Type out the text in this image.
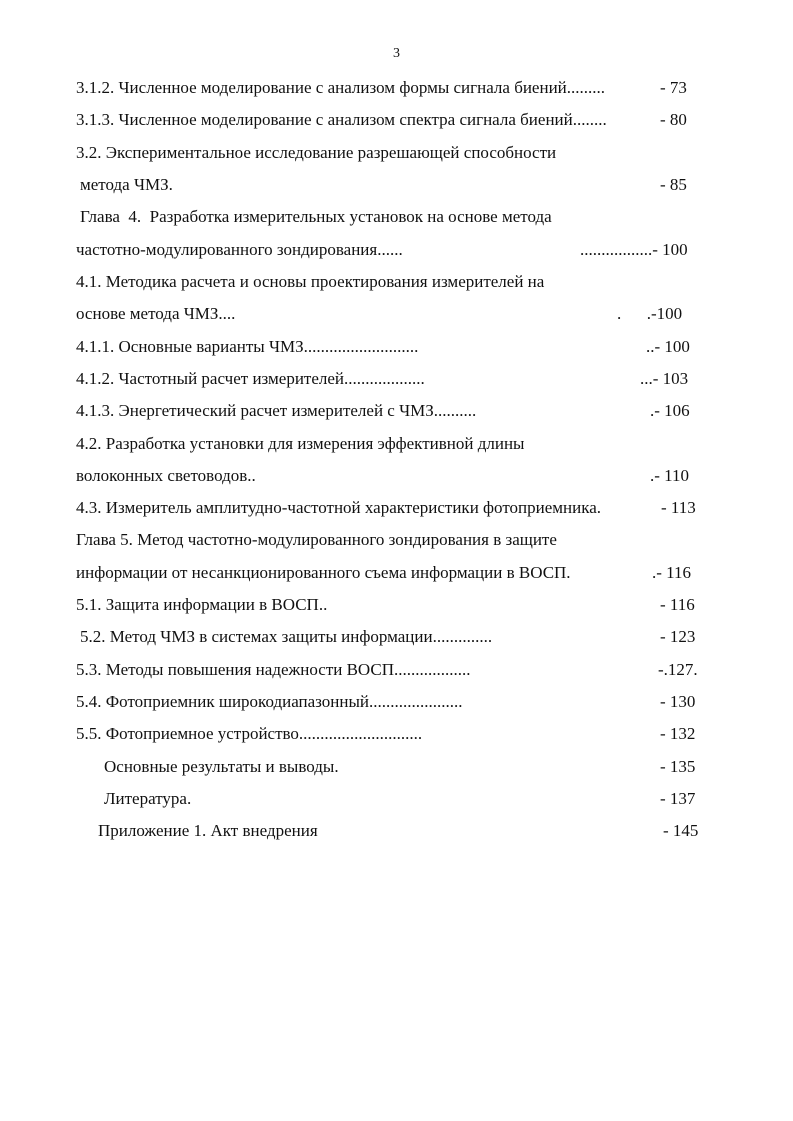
3
3.1.2. Численное моделирование с анализом формы сигнала биений.........	- 73
3.1.3. Численное моделирование с анализом спектра сигнала биений........	- 80
3.2. Экспериментальное исследование разрешающей способности
метода ЧМЗ.	- 85
Глава  4.  Разработка измерительных установок на основе метода
частотно-модулированного зондирования......	.................- 100
4.1. Методика расчета и основы проектирования измерителей на
основе метода ЧМЗ....	.      .-100
4.1.1. Основные варианты ЧМЗ...........................	..- 100
4.1.2. Частотный расчет измерителей...................	...- 103
4.1.3. Энергетический расчет измерителей с ЧМЗ..........	.- 106
4.2. Разработка установки для измерения эффективной длины
волоконных световодов..	.- 110
4.3. Измеритель амплитудно-частотной характеристики фотоприемника.	- 113
Глава 5. Метод частотно-модулированного зондирования в защите
информации от несанкционированного съема информации в ВОСП.	.- 116
5.1. Защита информации в ВОСП..	- 116
5.2. Метод ЧМЗ в системах защиты информации..............	- 123
5.3. Методы повышения надежности ВОСП..................	-.127.
5.4. Фотоприемник широкодиапазонный......................	- 130
5.5. Фотоприемное устройство.............................	- 132
Основные результаты и выводы.	- 135
Литература.	- 137
Приложение 1. Акт внедрения	- 145
